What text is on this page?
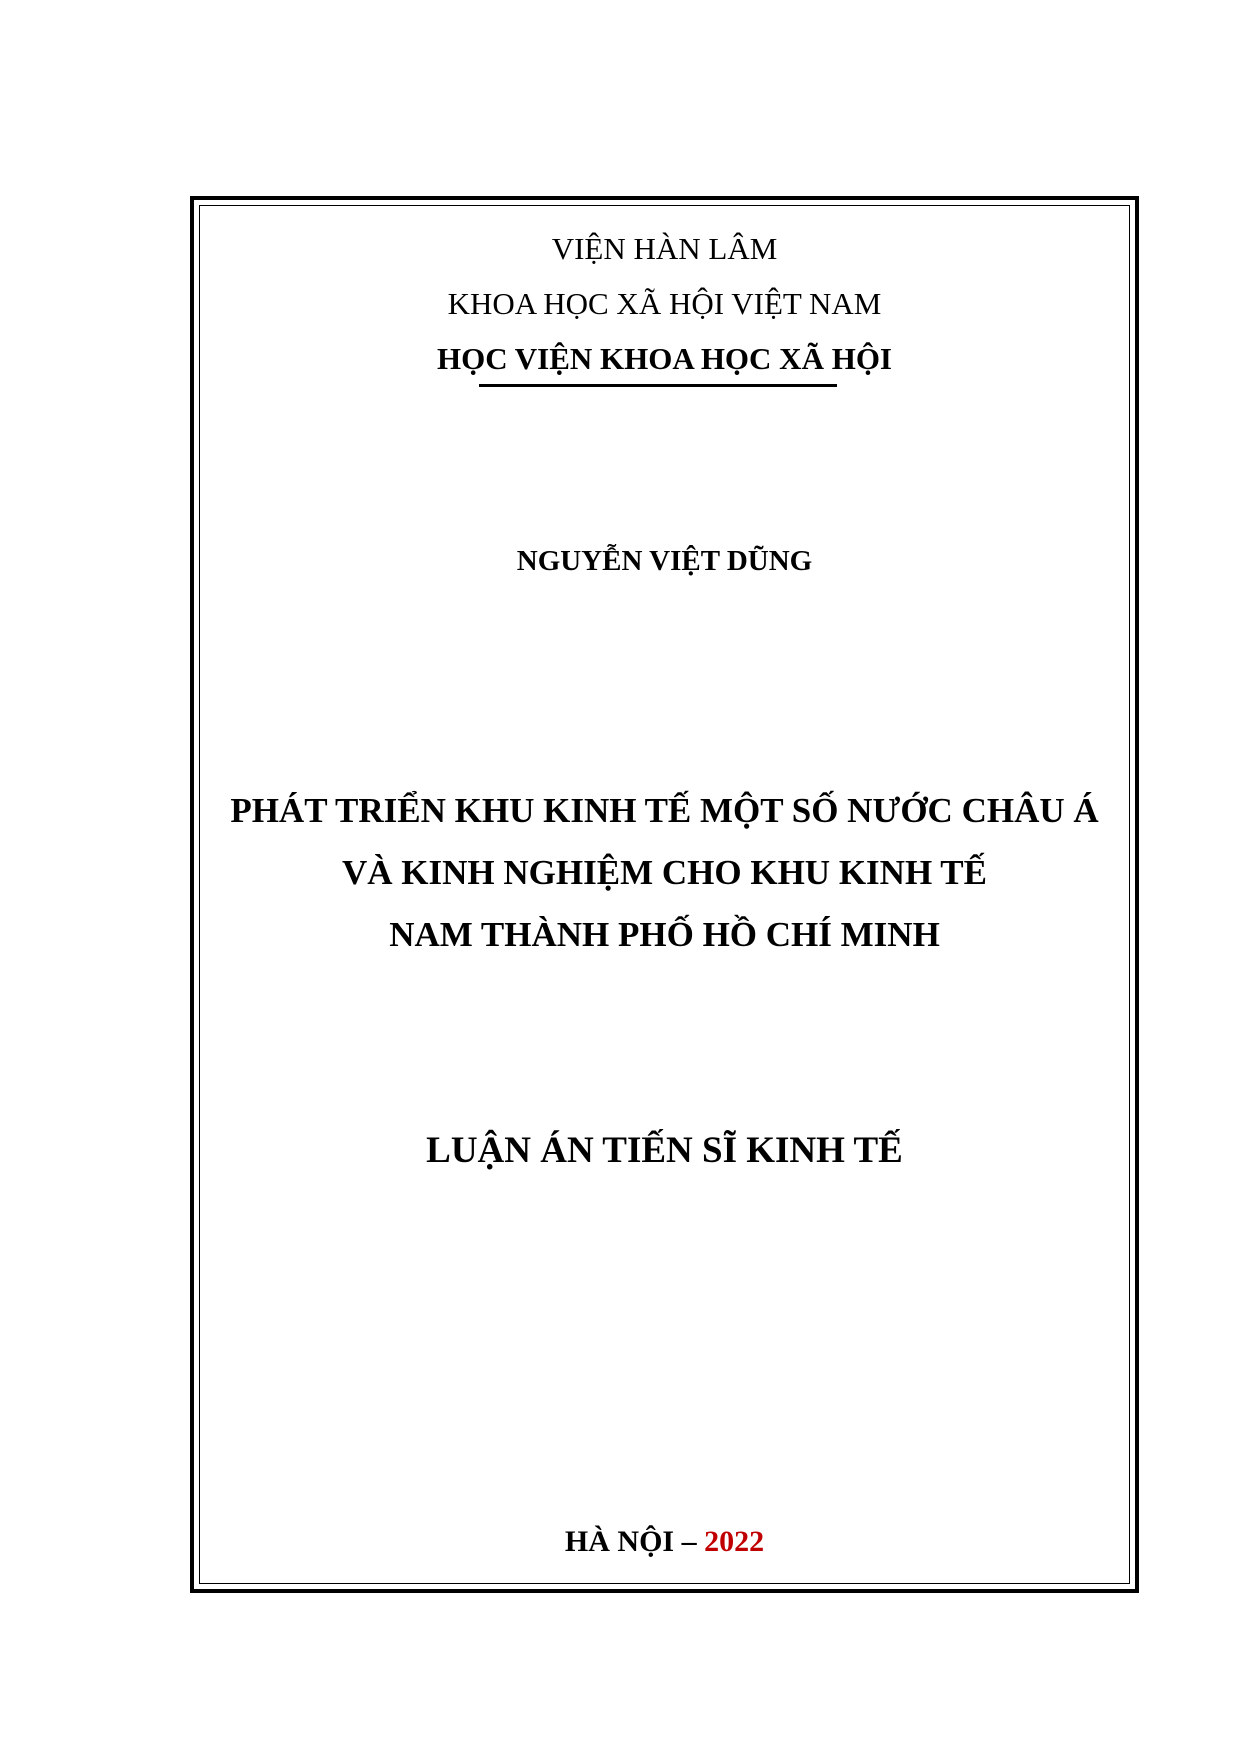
VIỆN HÀN LÂM
KHOA HỌC XÃ HỘI VIỆT NAM
HỌC VIỆN KHOA HỌC XÃ HỘI
NGUYỄN VIỆT DŨNG
PHÁT TRIỂN KHU KINH TẾ MỘT SỐ NƯỚC CHÂU Á
VÀ KINH NGHIỆM CHO KHU KINH TẾ
NAM THÀNH PHỐ HỒ CHÍ MINH
LUẬN ÁN TIẾN SĨ KINH TẾ
HÀ NỘI – 2022
